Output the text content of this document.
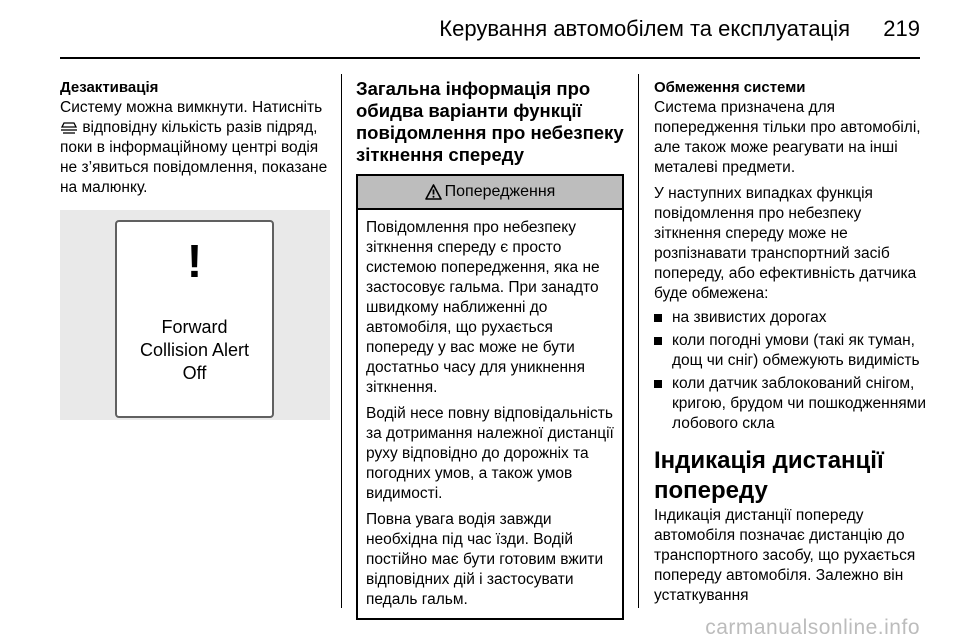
Керування автомобілем та експлуатація 219
Дезактивація
Систему можна вимкнути. Натисніть
відповідну кількість разів підряд, поки в інформаційному центрі водія не з’явиться повідомлення, показане на малюнку.
!
Forward
Collision Alert
Off
Загальна інформація про обидва варіанти функції повідомлення про небезпеку зіткнення спереду
Попередження
Повідомлення про небезпеку зіткнення спереду є просто системою попередження, яка не застосовує гальма. При занадто швидкому наближенні до автомобіля, що рухається попереду у вас може не бути достатньо часу для уникнення зіткнення.
Водій несе повну відповідальність за дотримання належної дистанції руху відповідно до дорожніх та погодних умов, а також умов видимості.
Повна увага водія завжди необхідна під час їзди. Водій постійно має бути готовим вжити відповідних дій і застосувати педаль гальм.
Обмеження системи
Система призначена для попередження тільки про автомобілі, але також може реагувати на інші металеві предмети.
У наступних випадках функція повідомлення про небезпеку зіткнення спереду може не розпізнавати транспортний засіб попереду, або ефективність датчика буде обмежена:
на звивистих дорогах
коли погодні умови (такі як туман, дощ чи сніг) обмежують видимість
коли датчик заблокований снігом, кригою, брудом чи пошкодженнями лобового скла
Індикація дистанції попереду
Індикація дистанції попереду автомобіля позначає дистанцію до транспортного засобу, що рухається попереду автомобіля. Залежно він устаткування
carmanualsonline.info
